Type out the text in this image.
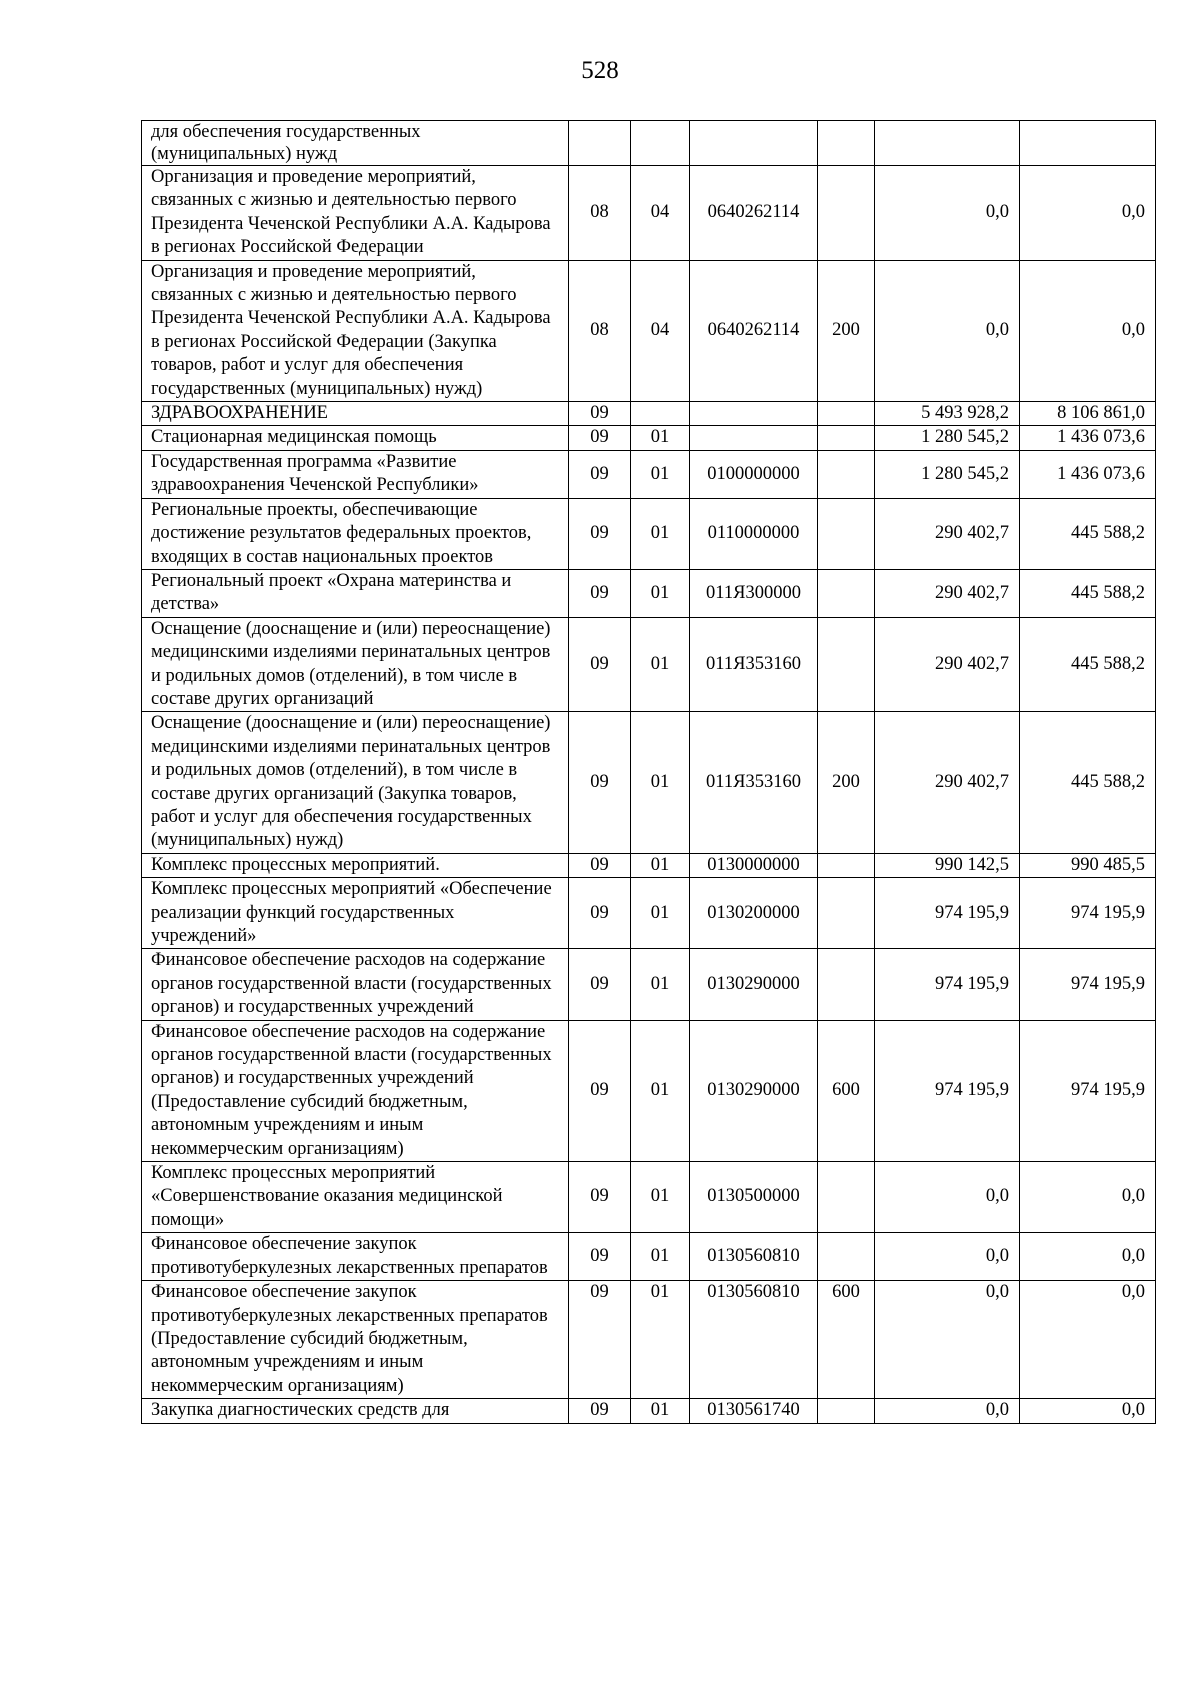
528
для обеспечения государственных (муниципальных) нужд						
Организация и проведение мероприятий, связанных с жизнью и деятельностью первого Президента Чеченской Республики А.А. Кадырова в регионах Российской Федерации	08	04	0640262114		0,0	0,0
Организация и проведение мероприятий, связанных с жизнью и деятельностью первого Президента Чеченской Республики А.А. Кадырова в регионах Российской Федерации (Закупка товаров, работ и услуг для обеспечения государственных (муниципальных) нужд)	08	04	0640262114	200	0,0	0,0
ЗДРАВООХРАНЕНИЕ	09				5 493 928,2	8 106 861,0
Стационарная медицинская помощь	09	01			1 280 545,2	1 436 073,6
Государственная программа «Развитие здравоохранения Чеченской Республики»	09	01	0100000000		1 280 545,2	1 436 073,6
Региональные проекты, обеспечивающие достижение результатов федеральных проектов, входящих в состав национальных проектов	09	01	0110000000		290 402,7	445 588,2
Региональный проект «Охрана материнства и детства»	09	01	011Я300000		290 402,7	445 588,2
Оснащение (дооснащение и (или) переоснащение) медицинскими изделиями перинатальных центров и родильных домов (отделений), в том числе в составе других организаций	09	01	011Я353160		290 402,7	445 588,2
Оснащение (дооснащение и (или) переоснащение) медицинскими изделиями перинатальных центров и родильных домов (отделений), в том числе в составе других организаций (Закупка товаров, работ и услуг для обеспечения государственных (муниципальных) нужд)	09	01	011Я353160	200	290 402,7	445 588,2
Комплекс процессных мероприятий.	09	01	0130000000		990 142,5	990 485,5
Комплекс процессных мероприятий «Обеспечение реализации функций государственных учреждений»	09	01	0130200000		974 195,9	974 195,9
Финансовое обеспечение расходов на содержание органов государственной власти (государственных органов) и государственных учреждений	09	01	0130290000		974 195,9	974 195,9
Финансовое обеспечение расходов на содержание органов государственной власти (государственных органов) и государственных учреждений (Предоставление субсидий бюджетным, автономным учреждениям и иным некоммерческим организациям)	09	01	0130290000	600	974 195,9	974 195,9
Комплекс процессных мероприятий «Совершенствование оказания медицинской помощи»	09	01	0130500000		0,0	0,0
Финансовое обеспечение закупок противотуберкулезных лекарственных препаратов	09	01	0130560810		0,0	0,0
Финансовое обеспечение закупок противотуберкулезных лекарственных препаратов (Предоставление субсидий бюджетным, автономным учреждениям и иным некоммерческим организациям)	09	01	0130560810	600	0,0	0,0
Закупка диагностических средств для	09	01	0130561740		0,0	0,0
